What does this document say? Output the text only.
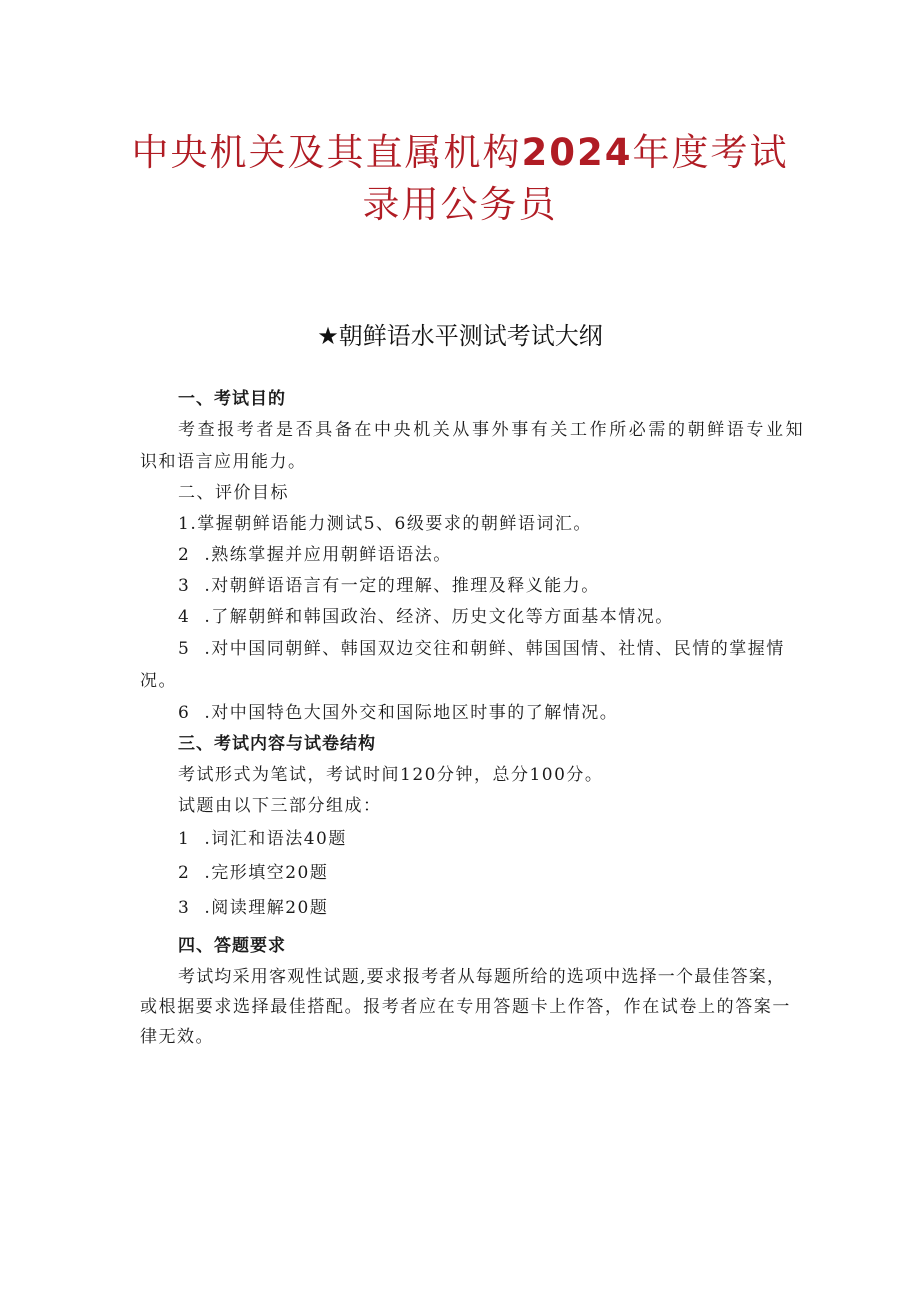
中央机关及其直属机构2024年度考试
录用公务员
★朝鲜语水平测试考试大纲
一、考试目的
考查报考者是否具备在中央机关从事外事有关工作所必需的朝鲜语专业知
识和语言应用能力。
二、评价目标
1.掌握朝鲜语能力测试5、6级要求的朝鲜语词汇。
2 .熟练掌握并应用朝鲜语语法。
3 .对朝鲜语语言有一定的理解、推理及释义能力。
4 .了解朝鲜和韩国政治、经济、历史文化等方面基本情况。
5 .对中国同朝鲜、韩国双边交往和朝鲜、韩国国情、社情、民情的掌握情
况。
6 .对中国特色大国外交和国际地区时事的了解情况。
三、考试内容与试卷结构
考试形式为笔试，考试时间120分钟，总分100分。
试题由以下三部分组成：
1 .词汇和语法40题
2 .完形填空20题
3 .阅读理解20题
四、答题要求
考试均采用客观性试题,要求报考者从每题所给的选项中选择一个最佳答案，
或根据要求选择最佳搭配。报考者应在专用答题卡上作答，作在试卷上的答案一
律无效。
